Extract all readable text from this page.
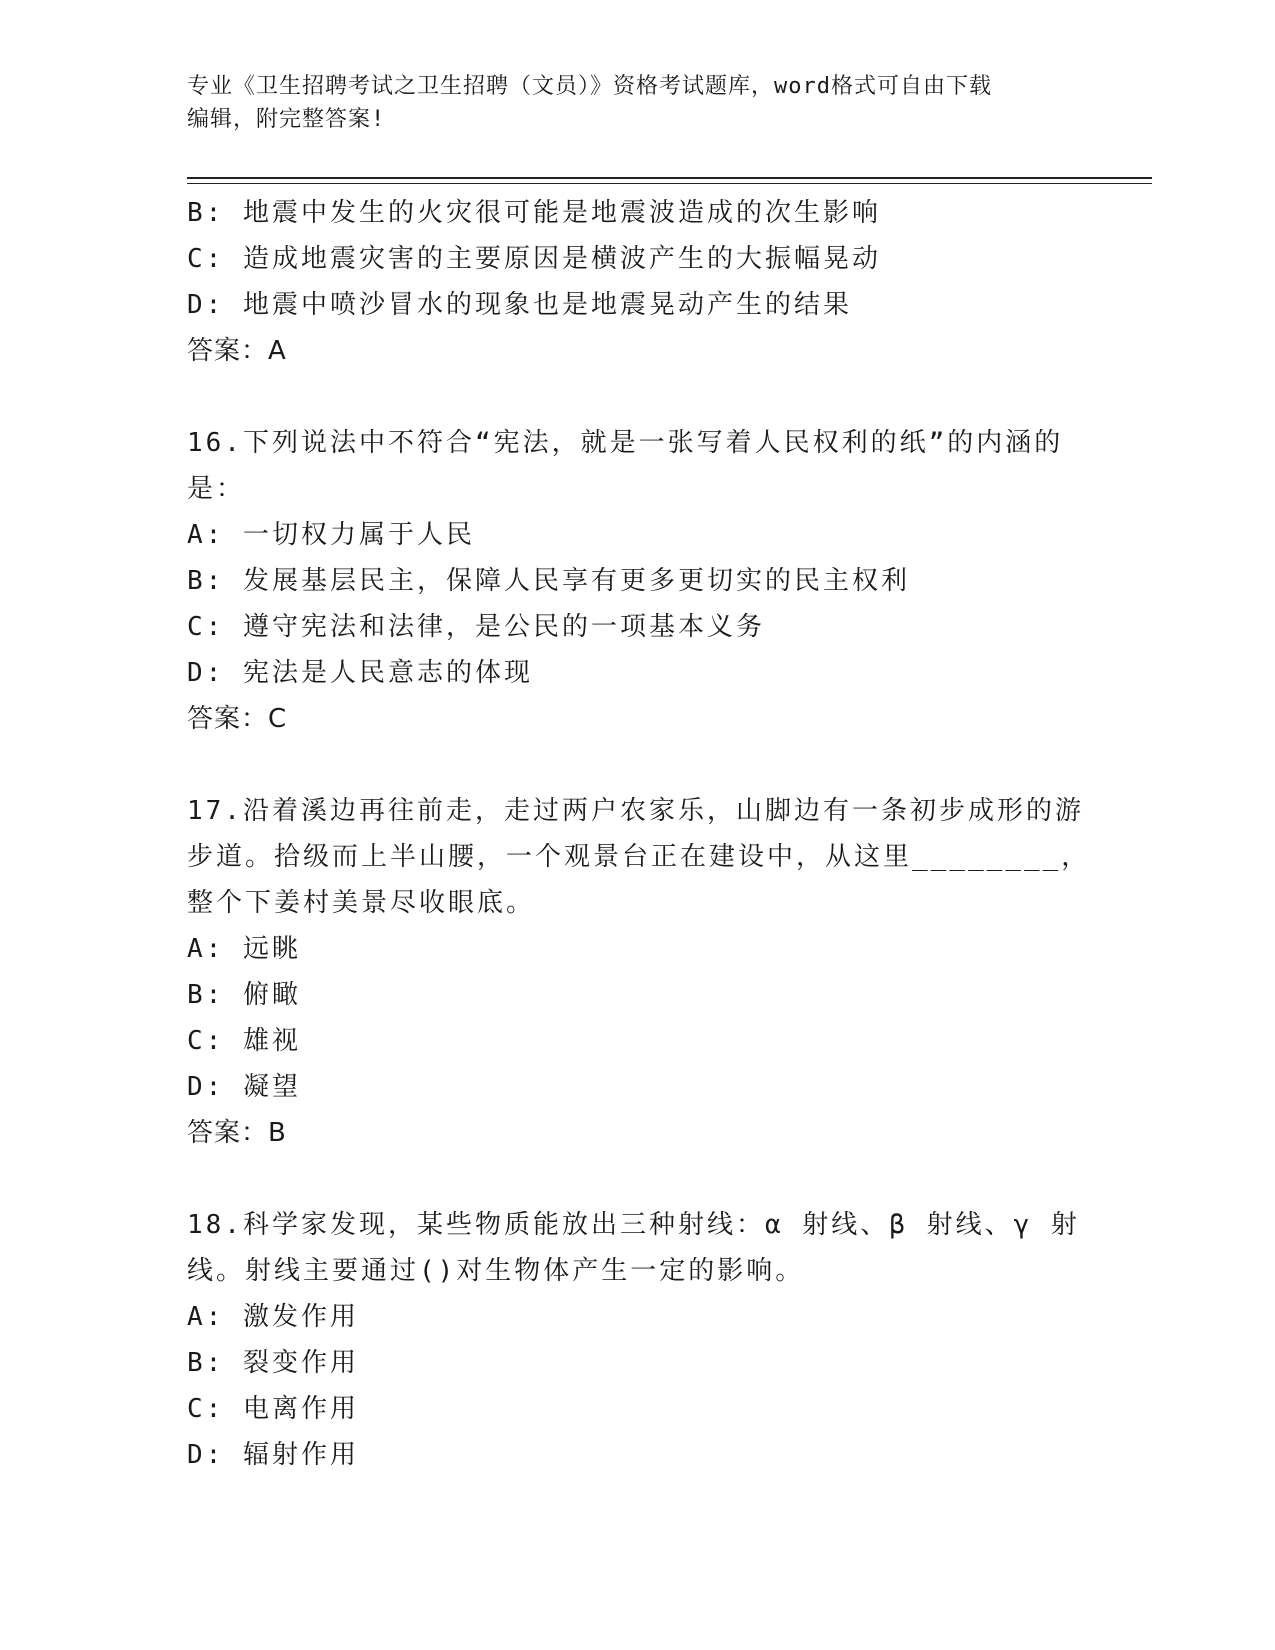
专业《卫生招聘考试之卫生招聘（文员）》资格考试题库，word格式可自由下载
编辑，附完整答案!
B: 地震中发生的火灾很可能是地震波造成的次生影响
C: 造成地震灾害的主要原因是横波产生的大振幅晃动
D: 地震中喷沙冒水的现象也是地震晃动产生的结果
答案：A
16.下列说法中不符合“宪法，就是一张写着人民权利的纸”的内涵的
是：
A: 一切权力属于人民
B: 发展基层民主，保障人民享有更多更切实的民主权利
C: 遵守宪法和法律，是公民的一项基本义务
D: 宪法是人民意志的体现
答案：C
17.沿着溪边再往前走，走过两户农家乐，山脚边有一条初步成形的游
步道。拾级而上半山腰，一个观景台正在建设中，从这里________，
整个下姜村美景尽收眼底。
A: 远眺
B: 俯瞰
C: 雄视
D: 凝望
答案：B
18.科学家发现，某些物质能放出三种射线：α 射线、β 射线、γ 射
线。射线主要通过()对生物体产生一定的影响。
A: 激发作用
B: 裂变作用
C: 电离作用
D: 辐射作用
